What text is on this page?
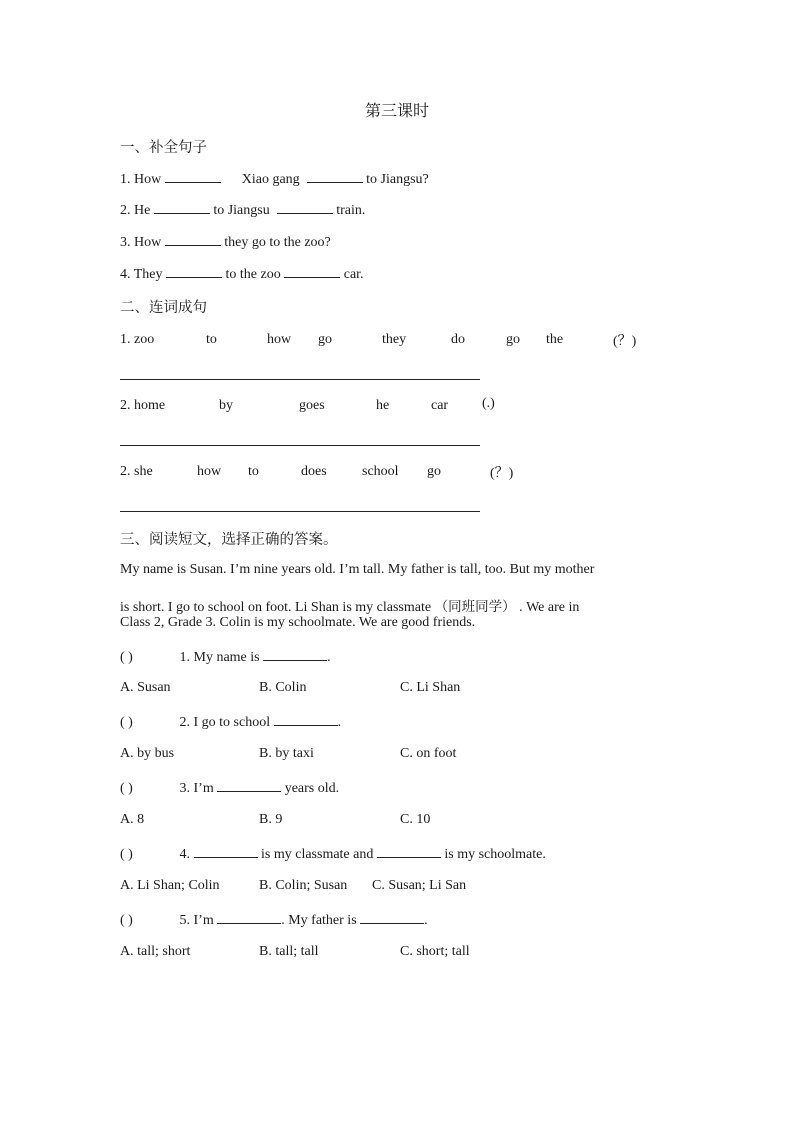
第三课时
一、补全句子
1. How	Xiao gang	to Jiangsu?
2. He	to Jiangsu	train.
3. How	they go to the zoo?
4. They	to the zoo	car.
二、连词成句
1. zoo	to	how go	they	do	go the	(？)
2. home	by	goes	he	car (.)
2. she	how to	does	school go	(？)
三、阅读短文，选择正确的答案。
My name is Susan. I’m nine years old. I’m tall. My father is tall, too. But my mother
is short. I go to school on foot. Li Shan is my classmate （同班同学） . We are in
Class 2, Grade 3. Colin is my schoolmate. We are good friends.
( )	1. My name is	.
A. Susan	B. Colin	C. Li Shan
( )	2. I go to school	.
A. by bus	B. by taxi	C. on foot
( )	3. I’m	years old.
A. 8	B. 9	C. 10
( )	4.	is my classmate and	is my schoolmate.
A. Li Shan; Colin	B. Colin; Susan C. Susan; Li San
( )	5. I’m	. My father is	.
A. tall; short	B. tall; tall	C. short; tall
